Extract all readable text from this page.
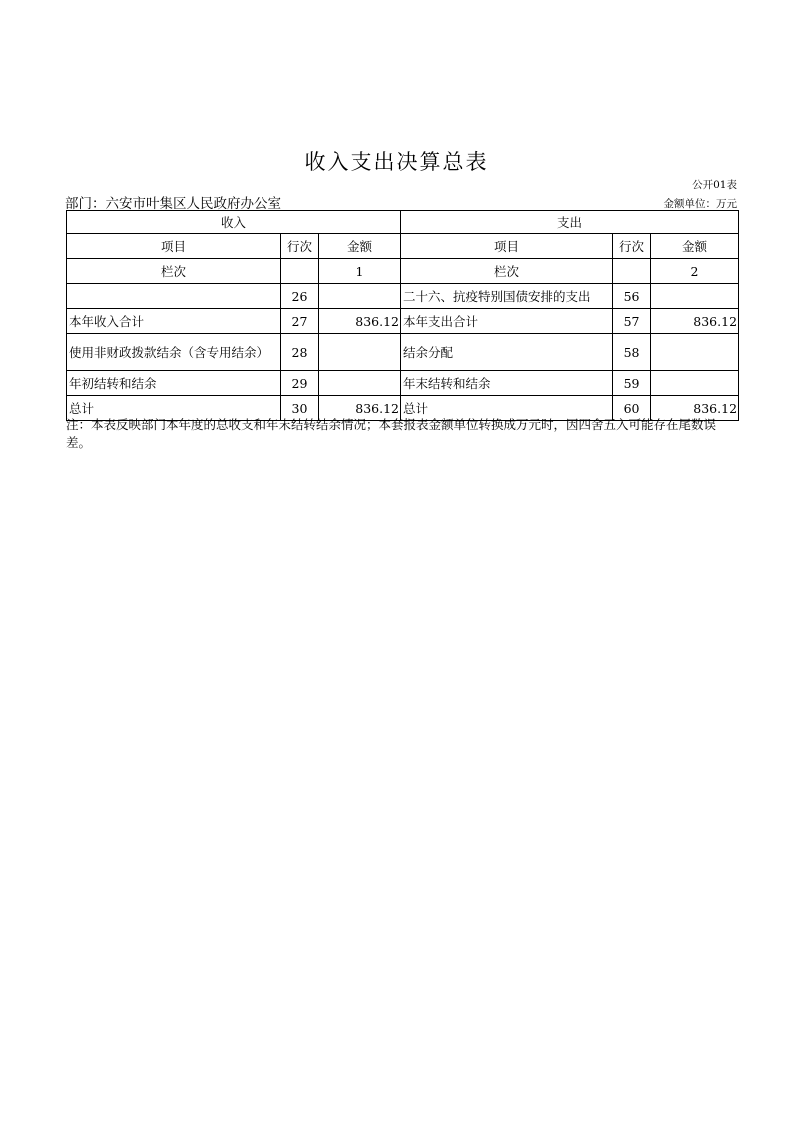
收入支出决算总表
公开01表
部门：六安市叶集区人民政府办公室	金额单位：万元
收入			支出		
项目	行次	金额	项目	行次	金额
栏次		1	栏次		2
	26		二十六、抗疫特别国债安排的支出	56	
本年收入合计	27	836.12	本年支出合计	57	836.12
使用非财政拨款结余（含专用结余）	28		结余分配	58	
年初结转和结余	29		年末结转和结余	59	
总计	30	836.12	总计	60	836.12
注：本表反映部门本年度的总收支和年末结转结余情况；本套报表金额单位转换成万元时，因四舍五入可能存在尾数误差。
